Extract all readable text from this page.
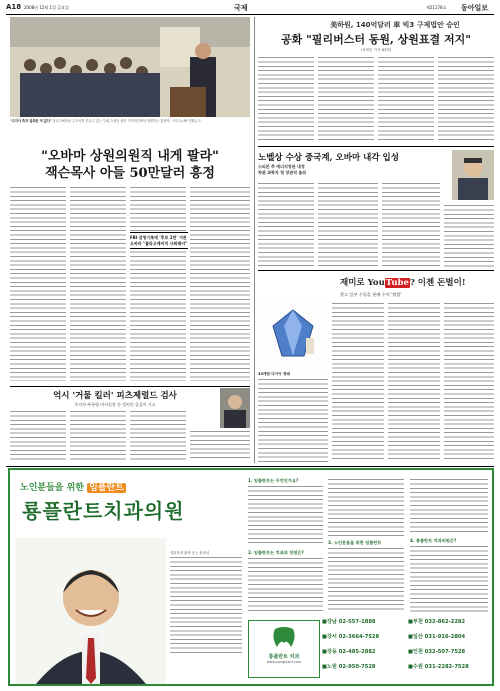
A18 2008년 12월 1일 금요일	국제	제21178호 동아일보
"주지사 측과 접촉한 적 없다" 블라고예비치 주지사를 흔들고 있는 부패 스캔들 관련 기자회견에서 답변하는 관계자. 시카고=AP 연합뉴스
"오바마 상원의원직 내게 팔라"
잭슨목사 아들 50만달러 흥정
FBI 감청기록에 '후보 1번' 거론 오바마 "블라고예비치 사퇴해야"
억시 '거물 킬러' 피츠제럴드 검사
주지사-부통령 비서실장 등 정치인 줄줄이 기소
美하원, 140억달러 車 빅3 구제법안 승인
공화 "필리버스터 동원, 상원표결 저지"
(자세한 기사 B3면)
노벨상 수상 중국계, 오바마 내각 입성
스티븐 추 에너지장관 내정
차관 과학자 첫 장관직 올라
재미로 YouTube? 이젠 돈벌이!
광고 일부 수입을 분배 수익 '짭짤'
33캐럿 다이아 경매
노인분들을 위한 임플란트
룡플란트치과의원
행복하게 활짝 웃는 원장님
1. 임플란트는 무엇인가요?
2. 임플란트는 치료의 장점은?
3. 노인분들을 위한 임플란트	4. 룡플란트 치과의원은?
룡플란트 치과
www.yongplant.com
■강남 02-557-1888
■강서 02-3664-7528
■강동 02-485-2882
■노원 02-950-7528
■부천 032-862-2282
■일산 031-916-2804
■인천 032-507-7528
■수원 031-2282-7528
